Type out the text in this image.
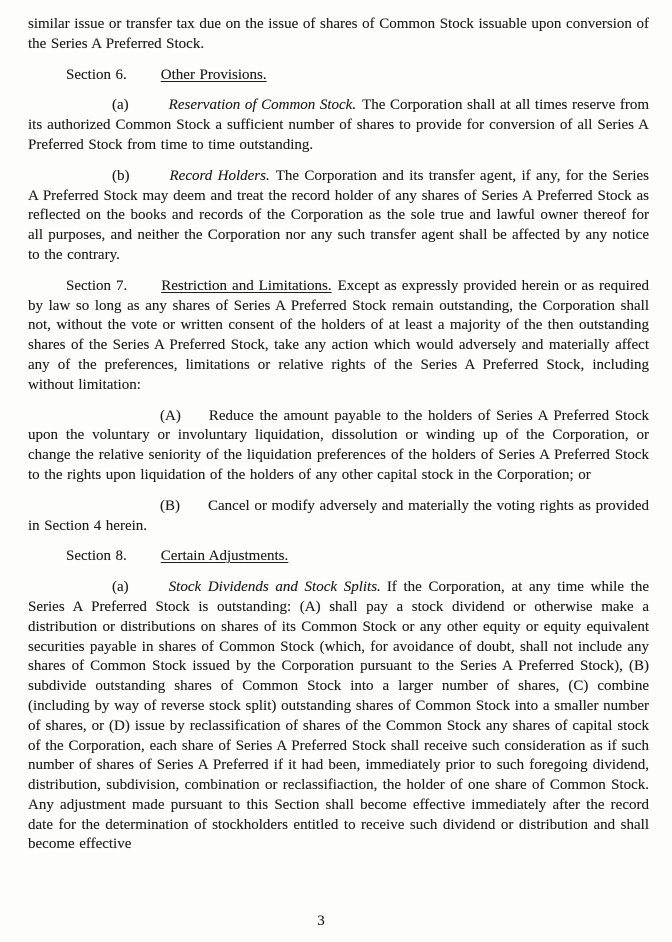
similar issue or transfer tax due on the issue of shares of Common Stock issuable upon conversion of the Series A Preferred Stock.

Section 6. Other Provisions.

(a)	Reservation of Common Stock. The Corporation shall at all times reserve from its authorized Common Stock a sufficient number of shares to provide for conversion of all Series A Preferred Stock from time to time outstanding.

(b)	Record Holders. The Corporation and its transfer agent, if any, for the Series A Preferred Stock may deem and treat the record holder of any shares of Series A Preferred Stock as reflected on the books and records of the Corporation as the sole true and lawful owner thereof for all purposes, and neither the Corporation nor any such transfer agent shall be affected by any notice to the contrary.

Section 7. Restriction and Limitations. Except as expressly provided herein or as required by law so long as any shares of Series A Preferred Stock remain outstanding, the Corporation shall not, without the vote or written consent of the holders of at least a majority of the then outstanding shares of the Series A Preferred Stock, take any action which would adversely and materially affect any of the preferences, limitations or relative rights of the Series A Preferred Stock, including without limitation:

(A) Reduce the amount payable to the holders of Series A Preferred Stock upon the voluntary or involuntary liquidation, dissolution or winding up of the Corporation, or change the relative seniority of the liquidation preferences of the holders of Series A Preferred Stock to the rights upon liquidation of the holders of any other capital stock in the Corporation; or

(B) Cancel or modify adversely and materially the voting rights as provided in Section 4 herein.

Section 8. Certain Adjustments.

(a)	Stock Dividends and Stock Splits. If the Corporation, at any time while the Series A Preferred Stock is outstanding: (A) shall pay a stock dividend or otherwise make a distribution or distributions on shares of its Common Stock or any other equity or equity equivalent securities payable in shares of Common Stock (which, for avoidance of doubt, shall not include any shares of Common Stock issued by the Corporation pursuant to the Series A Preferred Stock), (B) subdivide outstanding shares of Common Stock into a larger number of shares, (C) combine (including by way of reverse stock split) outstanding shares of Common Stock into a smaller number of shares, or (D) issue by reclassification of shares of the Common Stock any shares of capital stock of the Corporation, each share of Series A Preferred Stock shall receive such consideration as if such number of shares of Series A Preferred if it had been, immediately prior to such foregoing dividend, distribution, subdivision, combination or reclassifiaction, the holder of one share of Common Stock. Any adjustment made pursuant to this Section shall become effective immediately after the record date for the determination of stockholders entitled to receive such dividend or distribution and shall become effective

3
